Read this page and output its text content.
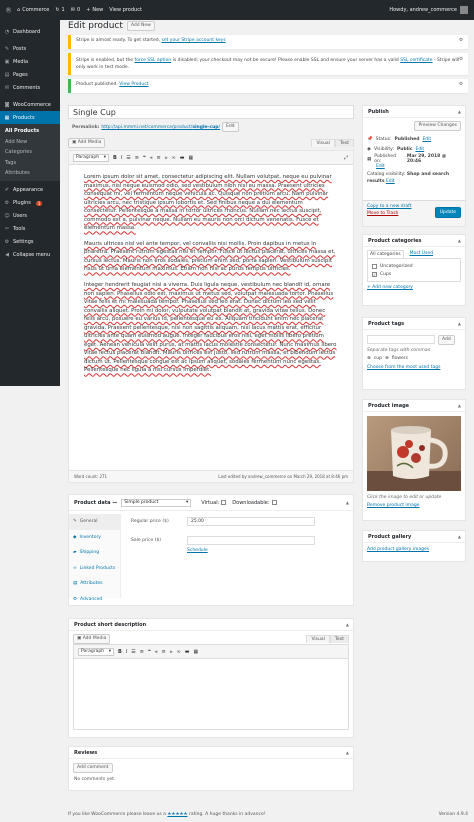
Ⓦ ⌂ Commerce ↻ 1 ✉ 0 + New View product	Howdy, andrew_commerce
◔ Dashboard
✎ Posts
▣ Media
▤ Pages
✉ Comments
◙ WooCommerce
▦ Products
All Products
Add New
Categories
Tags
Attributes
✐ Appearance
⚙ Plugins	1
☺ Users
✂ Tools
⚙ Settings
◀ Collapse menu
Edit product	Add New
Stripe is almost ready. To get started, set your Stripe account keys	⚙
Stripe is enabled, but the force SSL option is disabled; your checkout may not be secure! Please enable SSL and ensure your server has a valid SSL certificate - Stripe will only work in test mode.
⚙
Product published. View Product	⚙
Single Cup
Permalink: http://api.mmmi.net/commerce/product/single-cup/	Edit
▣ Add Media	Visual	Text
Paragraph ▾ B I ☰ ≡ ❝ ⫷ ≡ ⫸ ∞ ▬ ▦	⤢

Lorem ipsum dolor sit amet, consectetur adipiscing elit. Nullam volutpat, neque eu pulvinar maximus, nisl neque euismod odio, sed vestibulum nibh nisl eu massa. Praesent ultricies consequat mi, vel fermentum neque vehicula ac. Quisque non pretium arcu. Nam pulvinar ultricies arcu, nec tristique ipsum lobortis et. Sed finibus neque a dui elementum consectetur. Pellentesque a massa in tortor ultrices rhoncus. Nullam nec lectus suscipit, commodo est a, pulvinar neque. Nullam eu mauris non orci dictum venenatis. Fusce et elementum massa.

Mauris ultrices nisl vel ante tempor, vel convallis nisi mollis. Proin dapibus in metus in pharetra. Praesent rutrum egestas nisl et tempor. Fusce ut lectus placerat, ultrices massa et, cursus lectus. Mauris non eros sodales, pretium enim sed, porta sapien. Vestibulum suscipit risus ut urna elementum maximus. Etiam non nisl ac purus tempus ultricies.

Integer hendrerit feugiat nisi a viverra. Duis ligula neque, vestibulum nec blandit id, ornare non sapien. Phasellus odio est, maximus ut metus sed, volutpat malesuada tortor. Phasellus vitae felis et mi malesuada tempor. Phasellus sed leo erat. Donec dictum leo sed velit convallis aliquet. Proin mi dolor, vulputate volutpat blandit at, gravida vitae tellus. Donec felis arcu, posuere eu varius id, pellentesque eu ex. Aliquam tincidunt enim nec placerat gravida. Praesent pellentesque, nisi non sagittis aliquam, nisl lacus mattis erat, efficitur ultricies ante quam euismod augue. Integer faucibus eros nisl, eget mollis libero pretium eget. Aenean vehicula velit purus, at mattis lacus molestie consectetur. Nunc maximus libero vitae lectus placerat blandit. Mauris ultrices est justo, sed rutrum massa, et bibendum lectus dictum ut. Pellentesque congue est ac ipsum aliquet, sodales fermentum nunc egestas. Pellentesque nec ligula a nisi cursus imperdiet.

Word count: 271	Last edited by andrew_commerce on March 29, 2018 at 8:46 pm
Product data — Simple product	▾	Virtual:	Downloadable:	▲
✎ General
◆ Inventory
▰ Shipping
∞ Linked Products
▤ Attributes
⚙ Advanced
Regular price ($)	25.00
Sale price ($)
Schedule
Product short description	▲
▣ Add Media	Visual	Text
Paragraph ▾ B I ☰ ≡ ❝ ⫷ ≡ ⫸ ∞ ▬ ▦
Reviews	▲
Add comment
No comments yet.
Publish	▲
Preview Changes
📌 Status: Published Edit
◉ Visibility: Public Edit
▦ Published on:
Mar 29, 2018 @ 20:46
Edit
Catalog visibility: Shop and search results Edit
Copy to a new draft
Move to Trash	Update
Product categories	▲
All categories	Most Used
Uncategorized
✓ Cups
+ Add new category
Product tags	▲
Add
Separate tags with commas
⊗ cup ⊗ flowers
Choose from the most used tags
Product image	▲
Click the image to edit or update
Remove product image
Product gallery	▲
Add product gallery images
If you like WooCommerce please leave us a ★★★★★ rating. A huge thanks in advance!	Version 4.9.4
